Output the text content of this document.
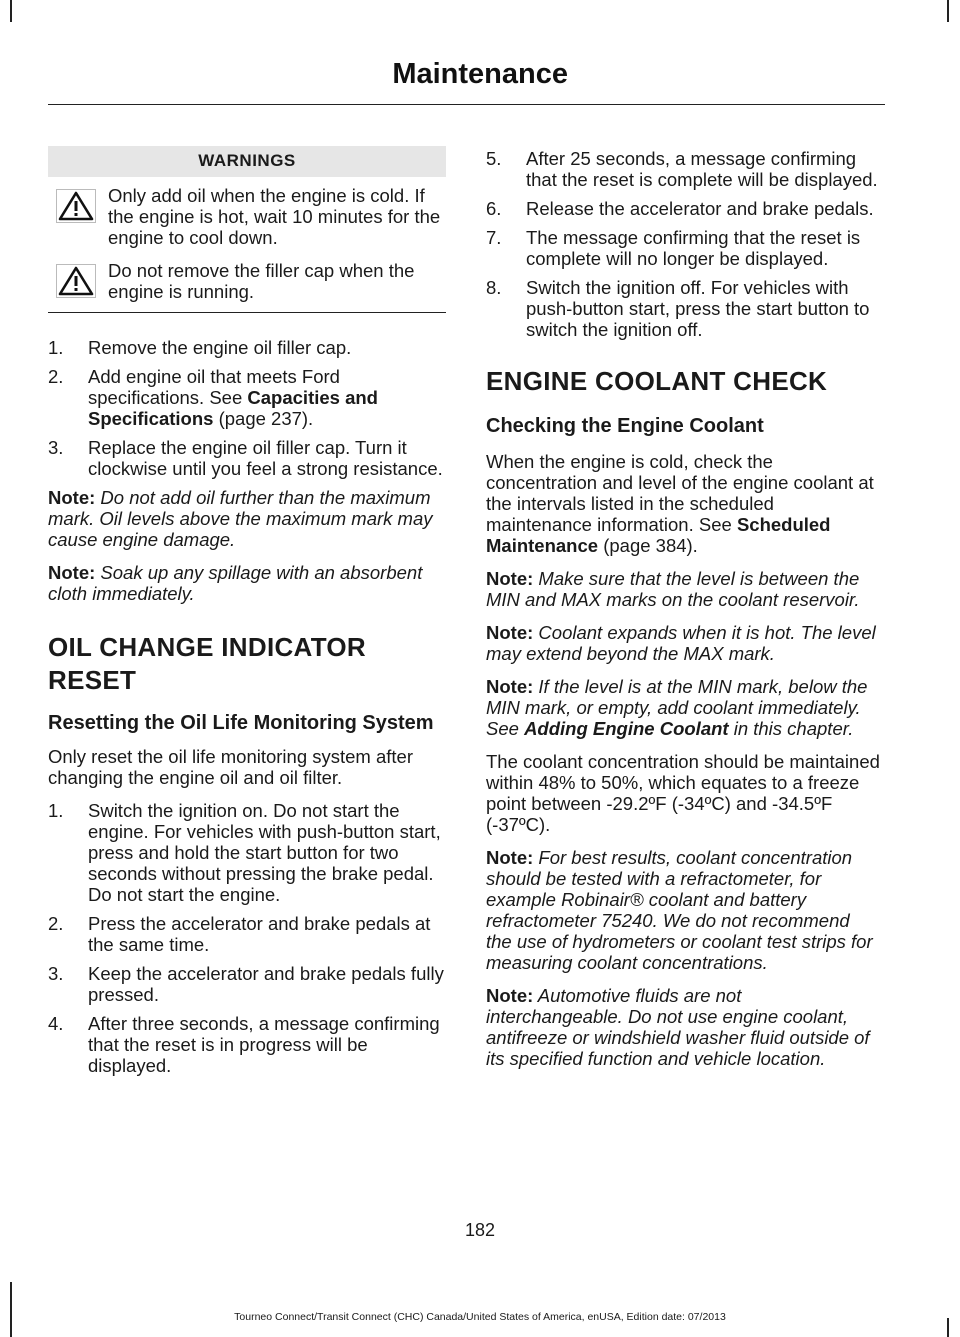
Maintenance
WARNINGS

Only add oil when the engine is cold. If the engine is hot, wait 10 minutes for the engine to cool down.

Do not remove the filler cap when the engine is running.

1. Remove the engine oil filler cap.
2. Add engine oil that meets Ford specifications. See Capacities and Specifications (page 237).
3. Replace the engine oil filler cap. Turn it clockwise until you feel a strong resistance.

Note: Do not add oil further than the maximum mark. Oil levels above the maximum mark may cause engine damage.

Note: Soak up any spillage with an absorbent cloth immediately.

OIL CHANGE INDICATOR
RESET
Resetting the Oil Life Monitoring System

Only reset the oil life monitoring system after changing the engine oil and oil filter.

1. Switch the ignition on. Do not start the engine. For vehicles with push-button start, press and hold the start button for two seconds without pressing the brake pedal. Do not start the engine.
2. Press the accelerator and brake pedals at the same time.
3. Keep the accelerator and brake pedals fully pressed.
4. After three seconds, a message confirming that the reset is in progress will be displayed.
5. After 25 seconds, a message confirming that the reset is complete will be displayed.
6. Release the accelerator and brake pedals.
7. The message confirming that the reset is complete will no longer be displayed.
8. Switch the ignition off. For vehicles with push-button start, press the start button to switch the ignition off.
ENGINE COOLANT CHECK
Checking the Engine Coolant

When the engine is cold, check the concentration and level of the engine coolant at the intervals listed in the scheduled maintenance information. See Scheduled Maintenance (page 384).

Note: Make sure that the level is between the MIN and MAX marks on the coolant reservoir.

Note: Coolant expands when it is hot. The level may extend beyond the MAX mark.

Note: If the level is at the MIN mark, below the MIN mark, or empty, add coolant immediately. See Adding Engine Coolant in this chapter.

The coolant concentration should be maintained within 48% to 50%, which equates to a freeze point between -29.2ºF (-34ºC) and -34.5ºF (-37ºC).

Note: For best results, coolant concentration should be tested with a refractometer, for example Robinair® coolant and battery refractometer 75240. We do not recommend the use of hydrometers or coolant test strips for measuring coolant concentrations.

Note: Automotive fluids are not interchangeable. Do not use engine coolant, antifreeze or windshield washer fluid outside of its specified function and vehicle location.

182
Tourneo Connect/Transit Connect (CHC) Canada/United States of America, enUSA, Edition date: 07/2013
